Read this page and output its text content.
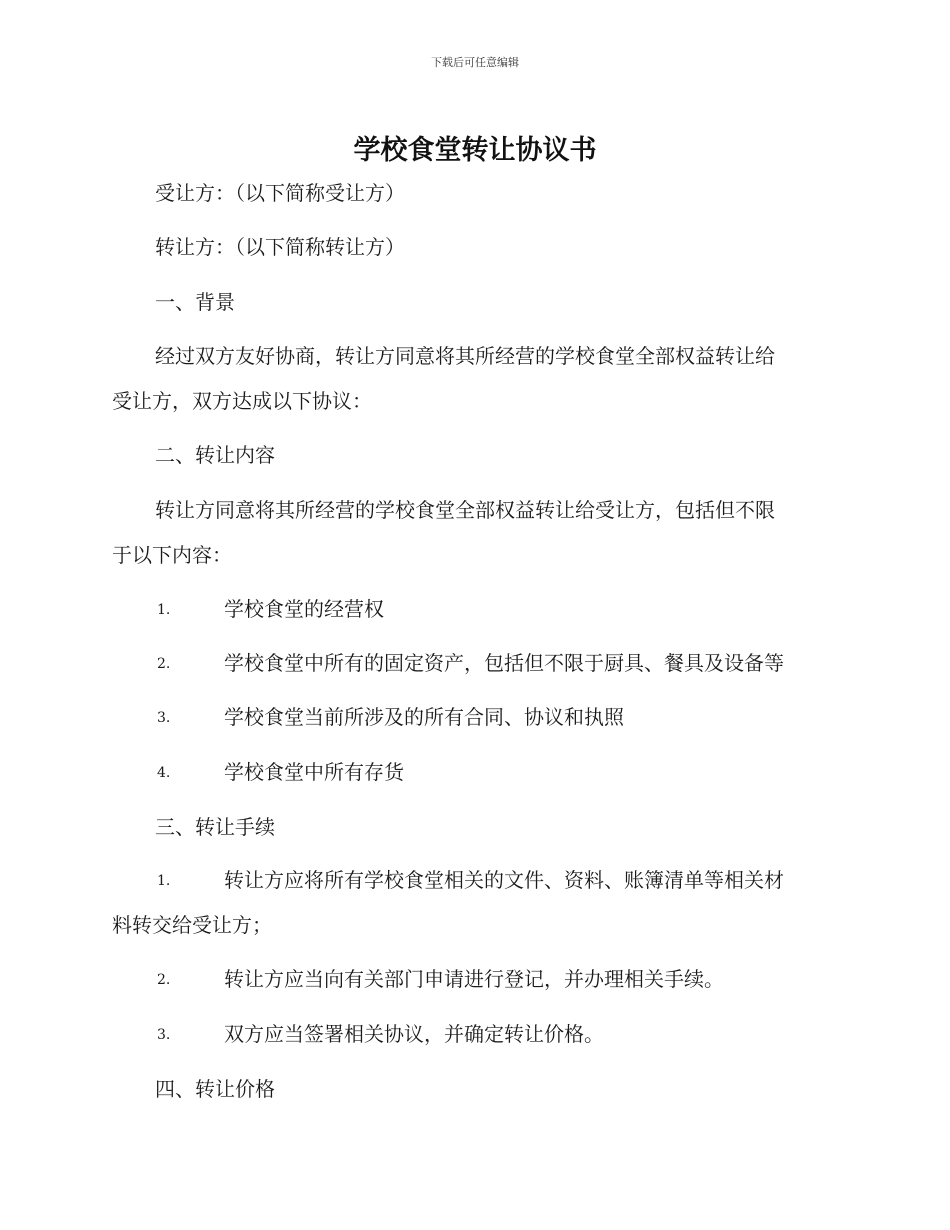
下载后可任意编辑
学校食堂转让协议书
受让方：（以下简称受让方）
转让方：（以下简称转让方）
一、背景
经过双方友好协商，转让方同意将其所经营的学校食堂全部权益转让给
受让方，双方达成以下协议：
二、转让内容
转让方同意将其所经营的学校食堂全部权益转让给受让方，包括但不限
于以下内容：
1.	学校食堂的经营权
2.	学校食堂中所有的固定资产，包括但不限于厨具、餐具及设备等
3.	学校食堂当前所涉及的所有合同、协议和执照
4.	学校食堂中所有存货
三、转让手续
1.	转让方应将所有学校食堂相关的文件、资料、账簿清单等相关材
料转交给受让方；
2.	转让方应当向有关部门申请进行登记，并办理相关手续。
3.	双方应当签署相关协议，并确定转让价格。
四、转让价格
